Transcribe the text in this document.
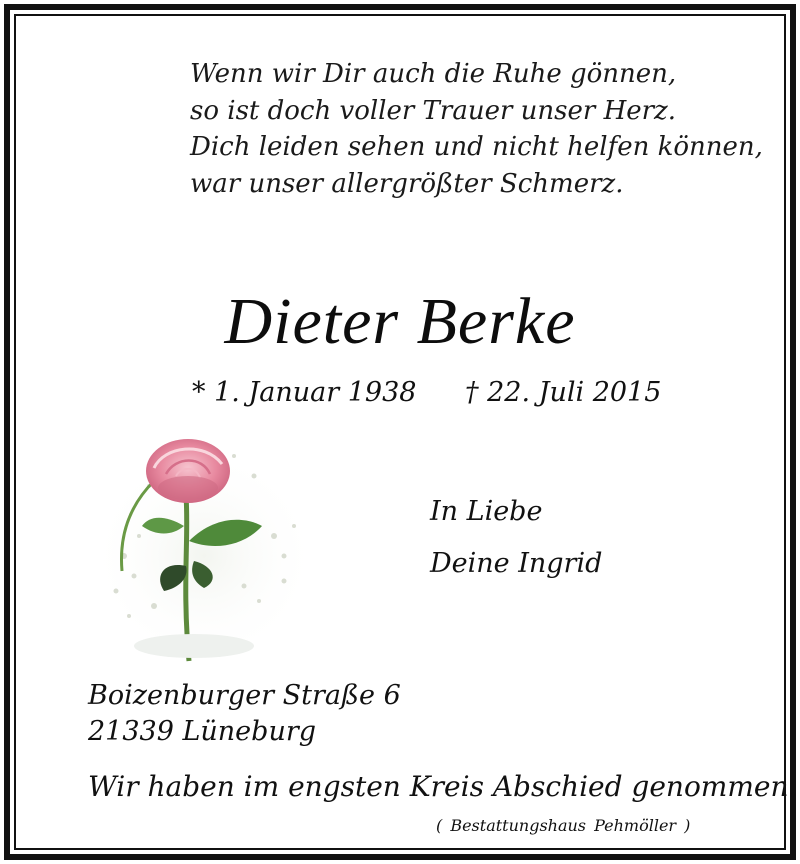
Wenn wir Dir auch die Ruhe gönnen,
so ist doch voller Trauer unser Herz.
Dich leiden sehen und nicht helfen können,
war unser allergrößter Schmerz.
Dieter Berke
* 1. Januar 1938 † 22. Juli 2015
In Liebe
Deine Ingrid
Boizenburger Straße 6
21339 Lüneburg
Wir haben im engsten Kreis Abschied genommen.
( Bestattungshaus Pehmöller )
